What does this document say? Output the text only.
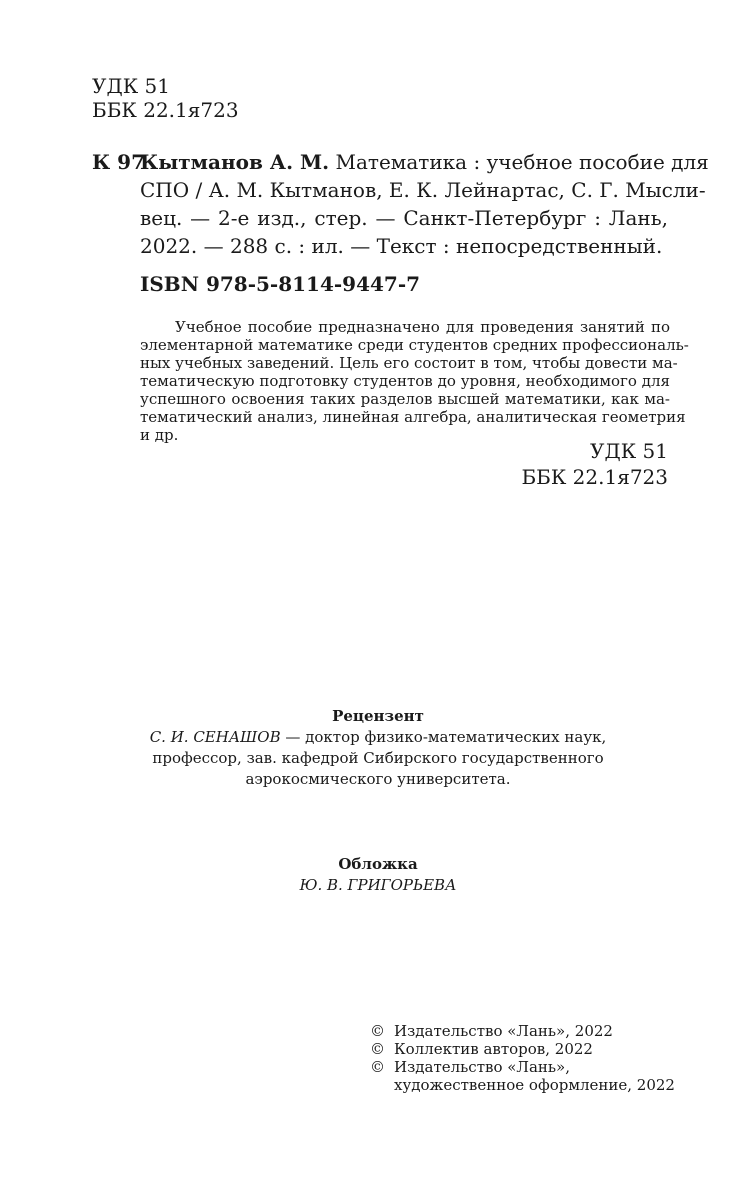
УДК 51
ББК 22.1я723
К 97
Кытманов А. М. Математика : учебное пособие для
СПО / А. М. Кытманов, Е. К. Лейнартас, С. Г. Мысли-
вец. — 2-е изд., стер. — Санкт-Петербург : Лань,
2022. — 288 с. : ил. — Текст : непосредственный.
ISBN 978-5-8114-9447-7
Учебное пособие предназначено для проведения занятий по
элементарной математике среди студентов средних профессиональ-
ных учебных заведений. Цель его состоит в том, чтобы довести ма-
тематическую подготовку студентов до уровня, необходимого для
успешного освоения таких разделов высшей математики, как ма-
тематический анализ, линейная алгебра, аналитическая геометрия
и др.
УДК 51
ББК 22.1я723
Рецензент
С. И. СЕНАШОВ — доктор физико-математических наук,
профессор, зав. кафедрой Сибирского государственного
аэрокосмического университета.
Обложка
Ю. В. ГРИГОРЬЕВА
© Издательство «Лань», 2022
© Коллектив авторов, 2022
© Издательство «Лань»,
художественное оформление, 2022
